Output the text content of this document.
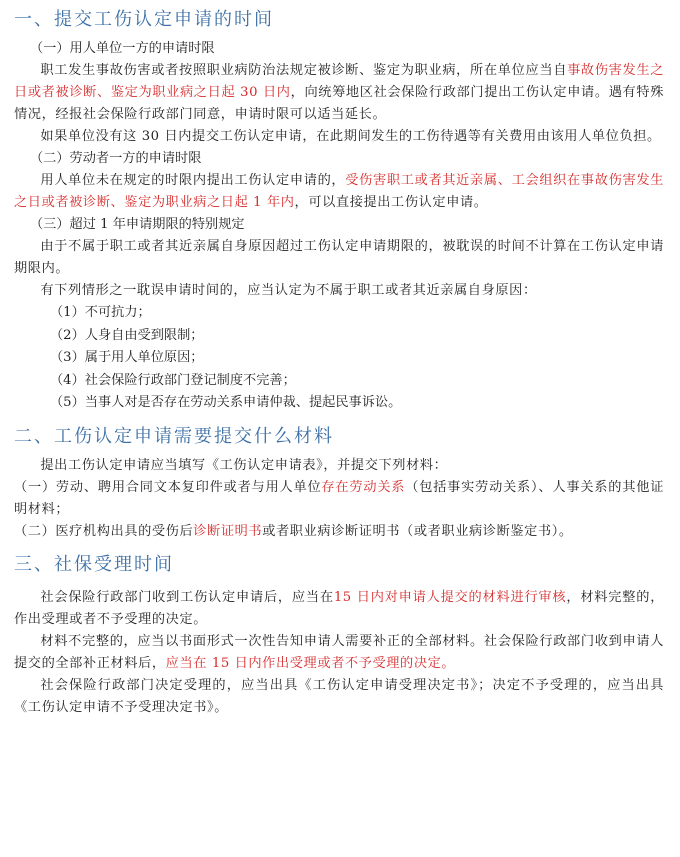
一、提交工伤认定申请的时间
（一）用人单位一方的申请时限

职工发生事故伤害或者按照职业病防治法规定被诊断、鉴定为职业病，所在单位应当自事故伤害发生之日或者被诊断、鉴定为职业病之日起 30 日内，向统筹地区社会保险行政部门提出工伤认定申请。遇有特殊情况，经报社会保险行政部门同意，申请时限可以适当延长。

如果单位没有这 30 日内提交工伤认定申请，在此期间发生的工伤待遇等有关费用由该用人单位负担。

（二）劳动者一方的申请时限

用人单位未在规定的时限内提出工伤认定申请的，受伤害职工或者其近亲属、工会组织在事故伤害发生之日或者被诊断、鉴定为职业病之日起 1 年内，可以直接提出工伤认定申请。

（三）超过 1 年申请期限的特别规定

由于不属于职工或者其近亲属自身原因超过工伤认定申请期限的，被耽误的时间不计算在工伤认定申请期限内。

有下列情形之一耽误申请时间的，应当认定为不属于职工或者其近亲属自身原因：

（1）不可抗力；
（2）人身自由受到限制；
（3）属于用人单位原因；
（4）社会保险行政部门登记制度不完善；
（5）当事人对是否存在劳动关系申请仲裁、提起民事诉讼。
二、工伤认定申请需要提交什么材料

提出工伤认定申请应当填写《工伤认定申请表》，并提交下列材料：

（一）劳动、聘用合同文本复印件或者与用人单位存在劳动关系（包括事实劳动关系）、人事关系的其他证明材料；

（二）医疗机构出具的受伤后诊断证明书或者职业病诊断证明书（或者职业病诊断鉴定书）。

三、社保受理时间

社会保险行政部门收到工伤认定申请后，应当在15 日内对申请人提交的材料进行审核，材料完整的，作出受理或者不予受理的决定。

材料不完整的，应当以书面形式一次性告知申请人需要补正的全部材料。社会保险行政部门收到申请人提交的全部补正材料后，应当在 15 日内作出受理或者不予受理的决定。

社会保险行政部门决定受理的，应当出具《工伤认定申请受理决定书》；决定不予受理的，应当出具《工伤认定申请不予受理决定书》。
